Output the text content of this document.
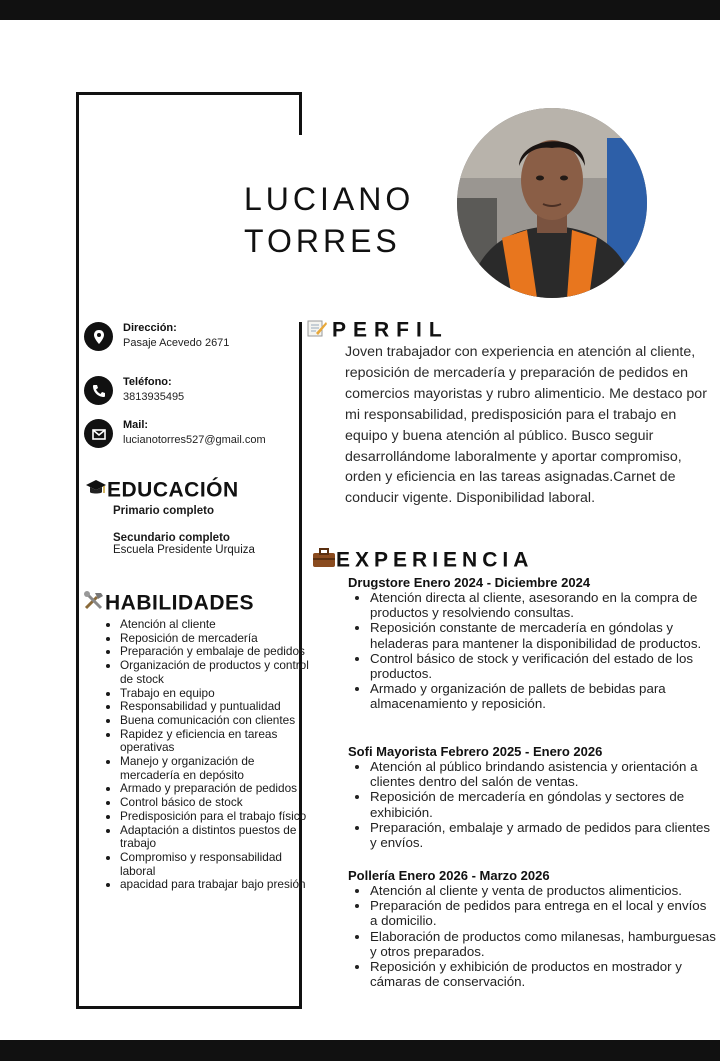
LUCIANO
TORRES
Dirección:
Pasaje Acevedo 2671
Teléfono:
3813935495
Mail:
lucianotorres527@gmail.com
EDUCACIÓN
Primario completo
Secundario completo
Escuela Presidente Urquiza
HABILIDADES
• Atención al cliente
• Reposición de mercadería
• Preparación y embalaje de pedidos
• Organización de productos y control de stock
• Trabajo en equipo
• Responsabilidad y puntualidad
• Buena comunicación con clientes
• Rapidez y eficiencia en tareas operativas
• Manejo y organización de mercadería en depósito
• Armado y preparación de pedidos
• Control básico de stock
• Predisposición para el trabajo físico
• Adaptación a distintos puestos de trabajo
• Compromiso y responsabilidad laboral
• apacidad para trabajar bajo presión
PERFIL

Joven trabajador con experiencia en atención al cliente, reposición de mercadería y preparación de pedidos en comercios mayoristas y rubro alimenticio. Me destaco por mi responsabilidad, predisposición para el trabajo en equipo y buena atención al público. Busco seguir desarrollándome laboralmente y aportar compromiso, orden y eficiencia en las tareas asignadas.Carnet de conducir vigente. Disponibilidad laboral.

EXPERIENCIA
Drugstore Enero 2024 - Diciembre 2024
• Atención directa al cliente, asesorando en la compra de productos y resolviendo consultas.
• Reposición constante de mercadería en góndolas y heladeras para mantener la disponibilidad de productos.
• Control básico de stock y verificación del estado de los productos.
• Armado y organización de pallets de bebidas para almacenamiento y reposición.
Sofi Mayorista Febrero 2025 - Enero 2026
• Atención al público brindando asistencia y orientación a clientes dentro del salón de ventas.
• Reposición de mercadería en góndolas y sectores de exhibición.
• Preparación, embalaje y armado de pedidos para clientes y envíos.
Pollería Enero 2026 - Marzo 2026
• Atención al cliente y venta de productos alimenticios.
• Preparación de pedidos para entrega en el local y envíos a domicilio.
• Elaboración de productos como milanesas, hamburguesas y otros preparados.
• Reposición y exhibición de productos en mostrador y cámaras de conservación.
